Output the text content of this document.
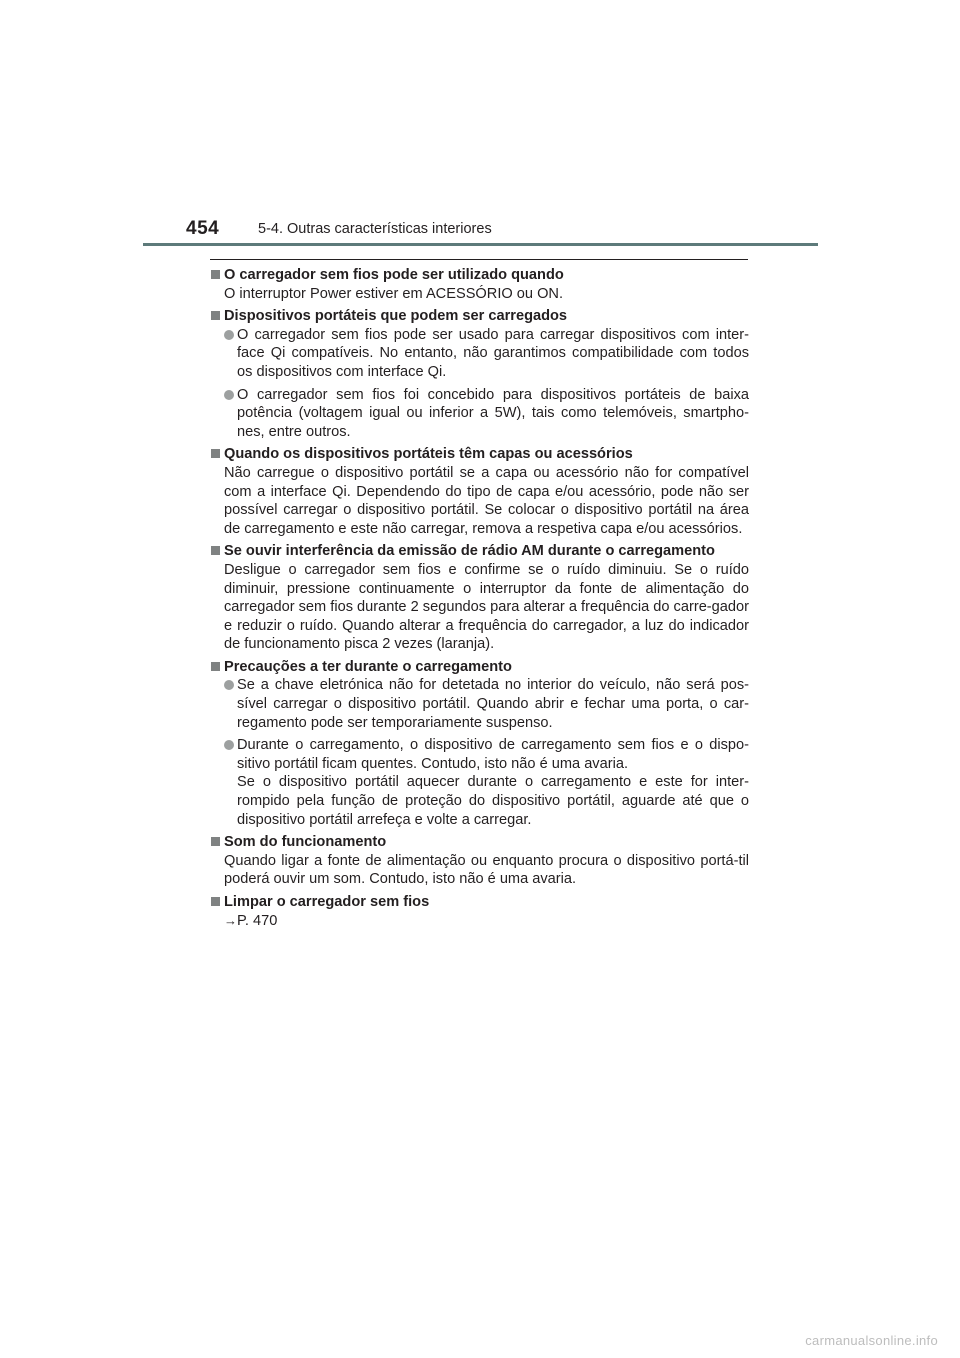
454	5-4. Outras características interiores
O carregador sem fios pode ser utilizado quando
O interruptor Power estiver em ACESSÓRIO ou ON.
Dispositivos portáteis que podem ser carregados
O carregador sem fios pode ser usado para carregar dispositivos com inter-face Qi compatíveis. No entanto, não garantimos compatibilidade com todos os dispositivos com interface Qi.
O carregador sem fios foi concebido para dispositivos portáteis de baixa potência (voltagem igual ou inferior a 5W), tais como telemóveis, smartpho-nes, entre outros.
Quando os dispositivos portáteis têm capas ou acessórios
Não carregue o dispositivo portátil se a capa ou acessório não for compatível com a interface Qi. Dependendo do tipo de capa e/ou acessório, pode não ser possível carregar o dispositivo portátil. Se colocar o dispositivo portátil na área de carregamento e este não carregar, remova a respetiva capa e/ou acessórios.
Se ouvir interferência da emissão de rádio AM durante o carregamento
Desligue o carregador sem fios e confirme se o ruído diminuiu. Se o ruído diminuir, pressione continuamente o interruptor da fonte de alimentação do carregador sem fios durante 2 segundos para alterar a frequência do carre-gador e reduzir o ruído. Quando alterar a frequência do carregador, a luz do indicador de funcionamento pisca 2 vezes (laranja).
Precauções a ter durante o carregamento
Se a chave eletrónica não for detetada no interior do veículo, não será pos-sível carregar o dispositivo portátil. Quando abrir e fechar uma porta, o car-regamento pode ser temporariamente suspenso.
Durante o carregamento, o dispositivo de carregamento sem fios e o dispo-sitivo portátil ficam quentes. Contudo, isto não é uma avaria.
Se o dispositivo portátil aquecer durante o carregamento e este for inter-rompido pela função de proteção do dispositivo portátil, aguarde até que o dispositivo portátil arrefeça e volte a carregar.
Som do funcionamento
Quando ligar a fonte de alimentação ou enquanto procura o dispositivo portá-til poderá ouvir um som. Contudo, isto não é uma avaria.
Limpar o carregador sem fios
→P. 470
carmanualsonline.info
